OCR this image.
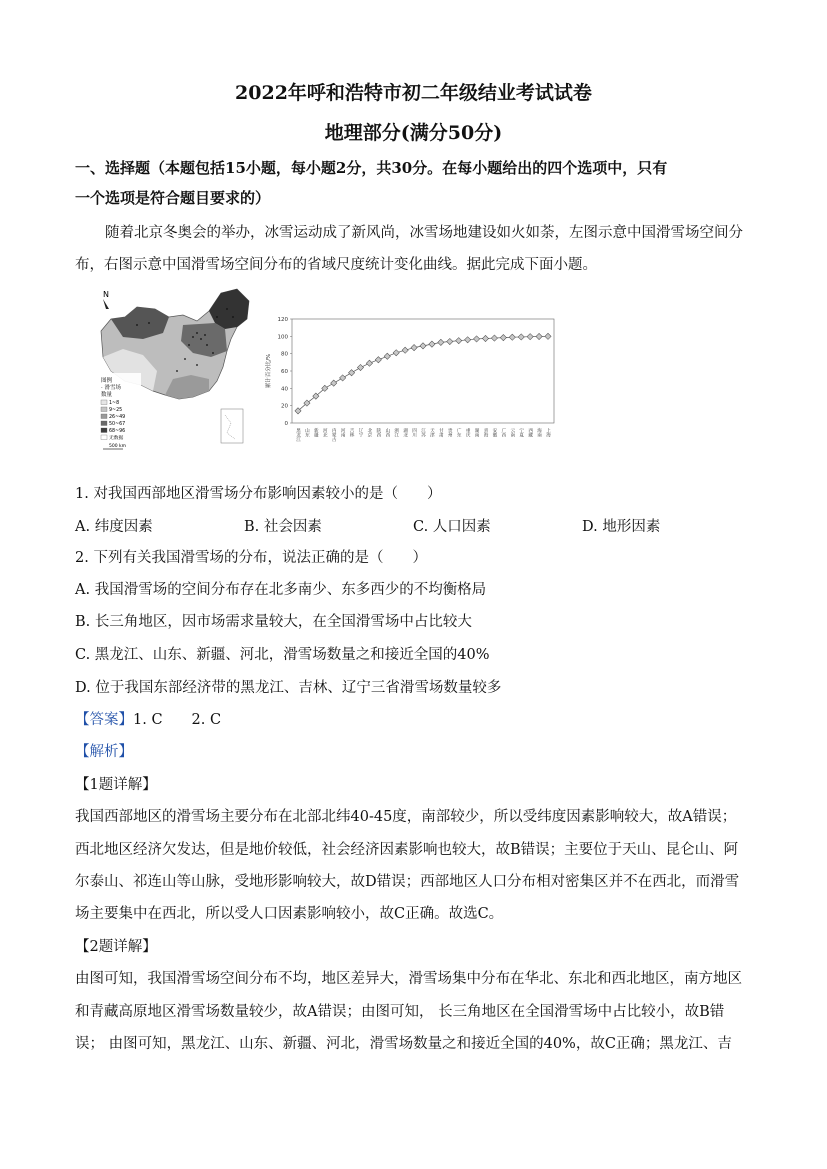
2022年呼和浩特市初二年级结业考试试卷
地理部分(满分50分)
一、选择题（本题包括15小题，每小题2分，共30分。在每小题给出的四个选项中，只有
一个选项是符合题目要求的）
随着北京冬奥会的举办，冰雪运动成了新风尚，冰雪场地建设如火如荼，左图示意中国滑雪场空间分
布，右图示意中国滑雪场空间分布的省域尺度统计变化曲线。据此完成下面小题。
N
图例
· 滑雪场
数量
1~8
9~25
26~49
50~67
68~96
无数据
500 km
0
20
40
60
80
100
120
累计百分比/%
黑龙江 山东 新疆 河北 内蒙古 河南 吉林 辽宁 北京 陕西 山西 浙江 湖北 四川 江苏 天津 甘肃 贵州 广东 重庆 湖南 青海 安徽 广西 云南 宁夏 西藏 海南 上海
1. 对我国西部地区滑雪场分布影响因素较小的是（　　）
A. 纬度因素	B. 社会因素	C. 人口因素	D. 地形因素
2. 下列有关我国滑雪场的分布，说法正确的是（　　）
A. 我国滑雪场的空间分布存在北多南少、东多西少的不均衡格局
B. 长三角地区，因市场需求量较大，在全国滑雪场中占比较大
C. 黑龙江、山东、新疆、河北，滑雪场数量之和接近全国的40%
D. 位于我国东部经济带的黑龙江、吉林、辽宁三省滑雪场数量较多
【答案】1. C　　2. C
【解析】
【1题详解】
我国西部地区的滑雪场主要分布在北部北纬40-45度，南部较少，所以受纬度因素影响较大，故A错误；
西北地区经济欠发达，但是地价较低，社会经济因素影响也较大，故B错误；主要位于天山、昆仑山、阿
尔泰山、祁连山等山脉，受地形影响较大，故D错误；西部地区人口分布相对密集区并不在西北，而滑雪
场主要集中在西北，所以受人口因素影响较小，故C正确。故选C。
【2题详解】
由图可知，我国滑雪场空间分布不均，地区差异大，滑雪场集中分布在华北、东北和西北地区，南方地区
和青藏高原地区滑雪场数量较少，故A错误；由图可知， 长三角地区在全国滑雪场中占比较小，故B错
误； 由图可知，黑龙江、山东、新疆、河北，滑雪场数量之和接近全国的40%，故C正确；黑龙江、吉
